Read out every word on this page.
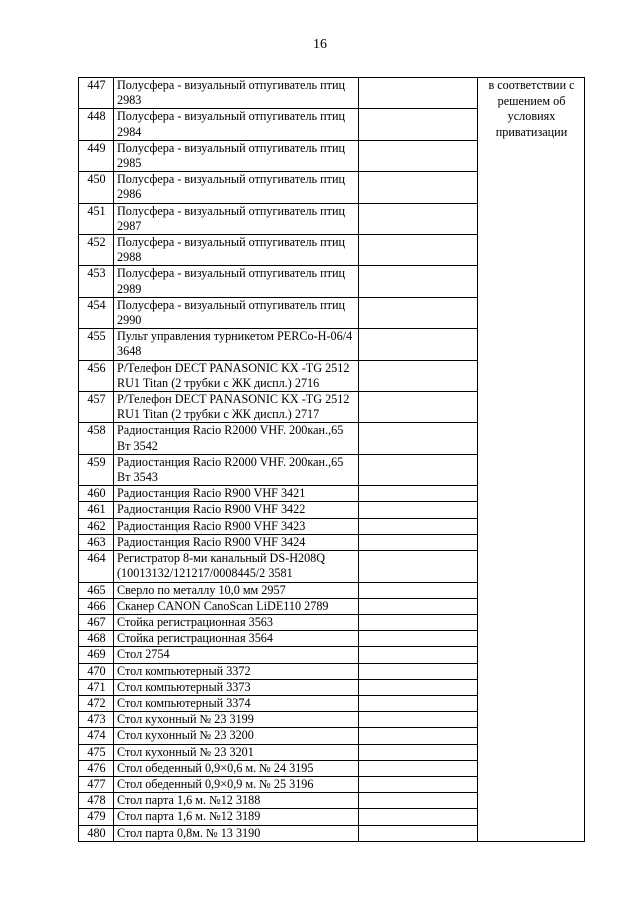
16
447	Полусфера - визуальный отпугиватель птиц 2983		в соответствии с решением об условиях приватизации
448	Полусфера - визуальный отпугиватель птиц 2984		
449	Полусфера - визуальный отпугиватель птиц 2985		
450	Полусфера - визуальный отпугиватель птиц 2986		
451	Полусфера - визуальный отпугиватель птиц 2987		
452	Полусфера - визуальный отпугиватель птиц 2988		
453	Полусфера - визуальный отпугиватель птиц 2989		
454	Полусфера - визуальный отпугиватель птиц 2990		
455	Пульт управления турникетом PERCo-H-06/4 3648		
456	Р/Телефон DECT PANASONIC KX -TG 2512 RU1 Titan (2 трубки с ЖК диспл.) 2716		
457	Р/Телефон DECT PANASONIC KX -TG 2512 RU1 Titan (2 трубки с ЖК диспл.) 2717		
458	Радиостанция Racio R2000 VHF. 200кан.,65 Вт 3542		
459	Радиостанция Racio R2000 VHF. 200кан.,65 Вт 3543		
460	Радиостанция Racio R900 VHF 3421		
461	Радиостанция Racio R900 VHF 3422		
462	Радиостанция Racio R900 VHF 3423		
463	Радиостанция Racio R900 VHF 3424		
464	Регистратор 8-ми канальный DS-H208Q (10013132/121217/0008445/2 3581		
465	Сверло по металлу 10,0 мм 2957		
466	Сканер CANON CanoScan LiDE110 2789		
467	Стойка регистрационная 3563		
468	Стойка регистрационная 3564		
469	Стол 2754		
470	Стол компьютерный 3372		
471	Стол компьютерный 3373		
472	Стол компьютерный 3374		
473	Стол кухонный № 23 3199		
474	Стол кухонный № 23 3200		
475	Стол кухонный № 23 3201		
476	Стол обеденный 0,9×0,6 м. № 24 3195		
477	Стол обеденный 0,9×0,9 м. № 25 3196		
478	Стол парта 1,6 м. №12 3188		
479	Стол парта 1,6 м. №12 3189		
480	Стол парта 0,8м. № 13 3190		
